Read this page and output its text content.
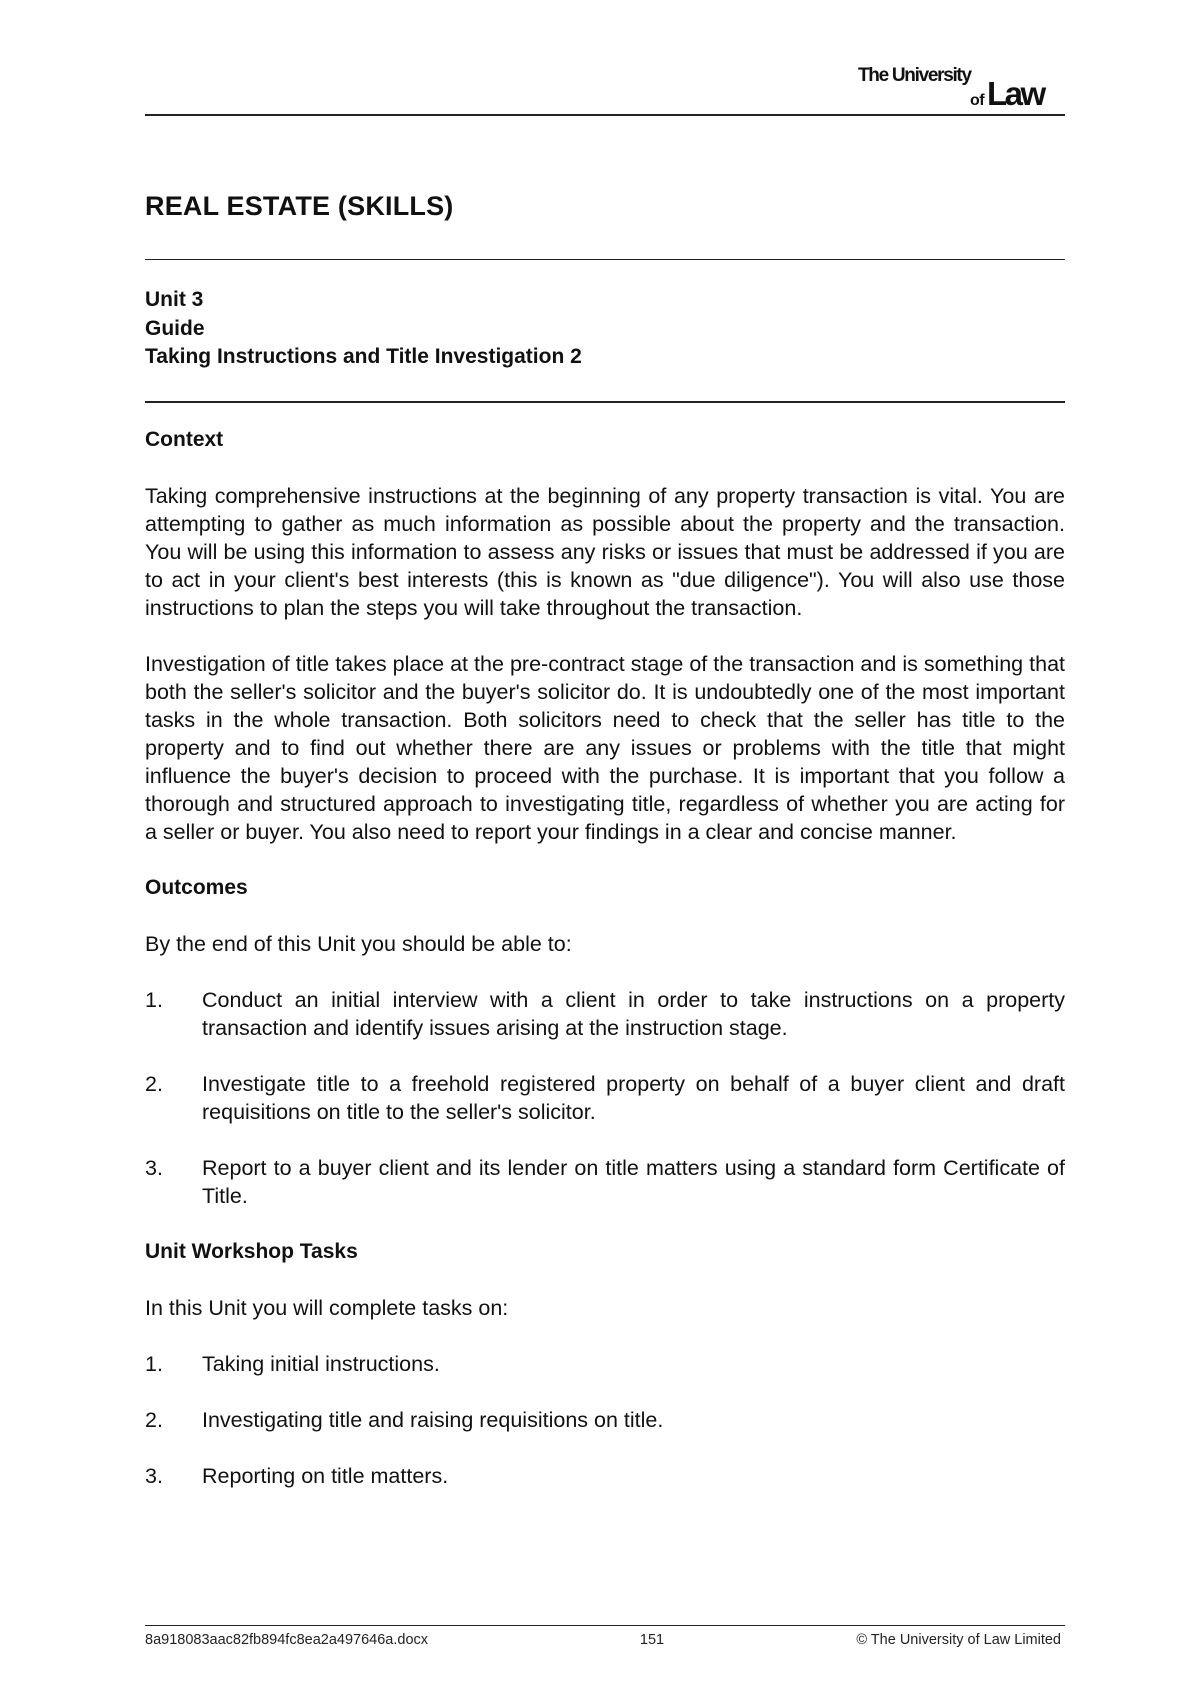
The University
of Law
REAL ESTATE (SKILLS)
Unit 3
Guide
Taking Instructions and Title Investigation 2
Context

Taking comprehensive instructions at the beginning of any property transaction is vital. You are attempting to gather as much information as possible about the property and the transaction. You will be using this information to assess any risks or issues that must be addressed if you are to act in your client's best interests (this is known as "due diligence"). You will also use those instructions to plan the steps you will take throughout the transaction.

Investigation of title takes place at the pre-contract stage of the transaction and is something that both the seller's solicitor and the buyer's solicitor do. It is undoubtedly one of the most important tasks in the whole transaction. Both solicitors need to check that the seller has title to the property and to find out whether there are any issues or problems with the title that might influence the buyer's decision to proceed with the purchase. It is important that you follow a thorough and structured approach to investigating title, regardless of whether you are acting for a seller or buyer. You also need to report your findings in a clear and concise manner.

Outcomes

By the end of this Unit you should be able to:

1.	Conduct an initial interview with a client in order to take instructions on a property transaction and identify issues arising at the instruction stage.
2.	Investigate title to a freehold registered property on behalf of a buyer client and draft requisitions on title to the seller's solicitor.
3.	Report to a buyer client and its lender on title matters using a standard form Certificate of Title.
Unit Workshop Tasks

In this Unit you will complete tasks on:

1.	Taking initial instructions.
2.	Investigating title and raising requisitions on title.
3.	Reporting on title matters.
8a918083aac82fb894fc8ea2a497646a.docx	151	© The University of Law Limited
